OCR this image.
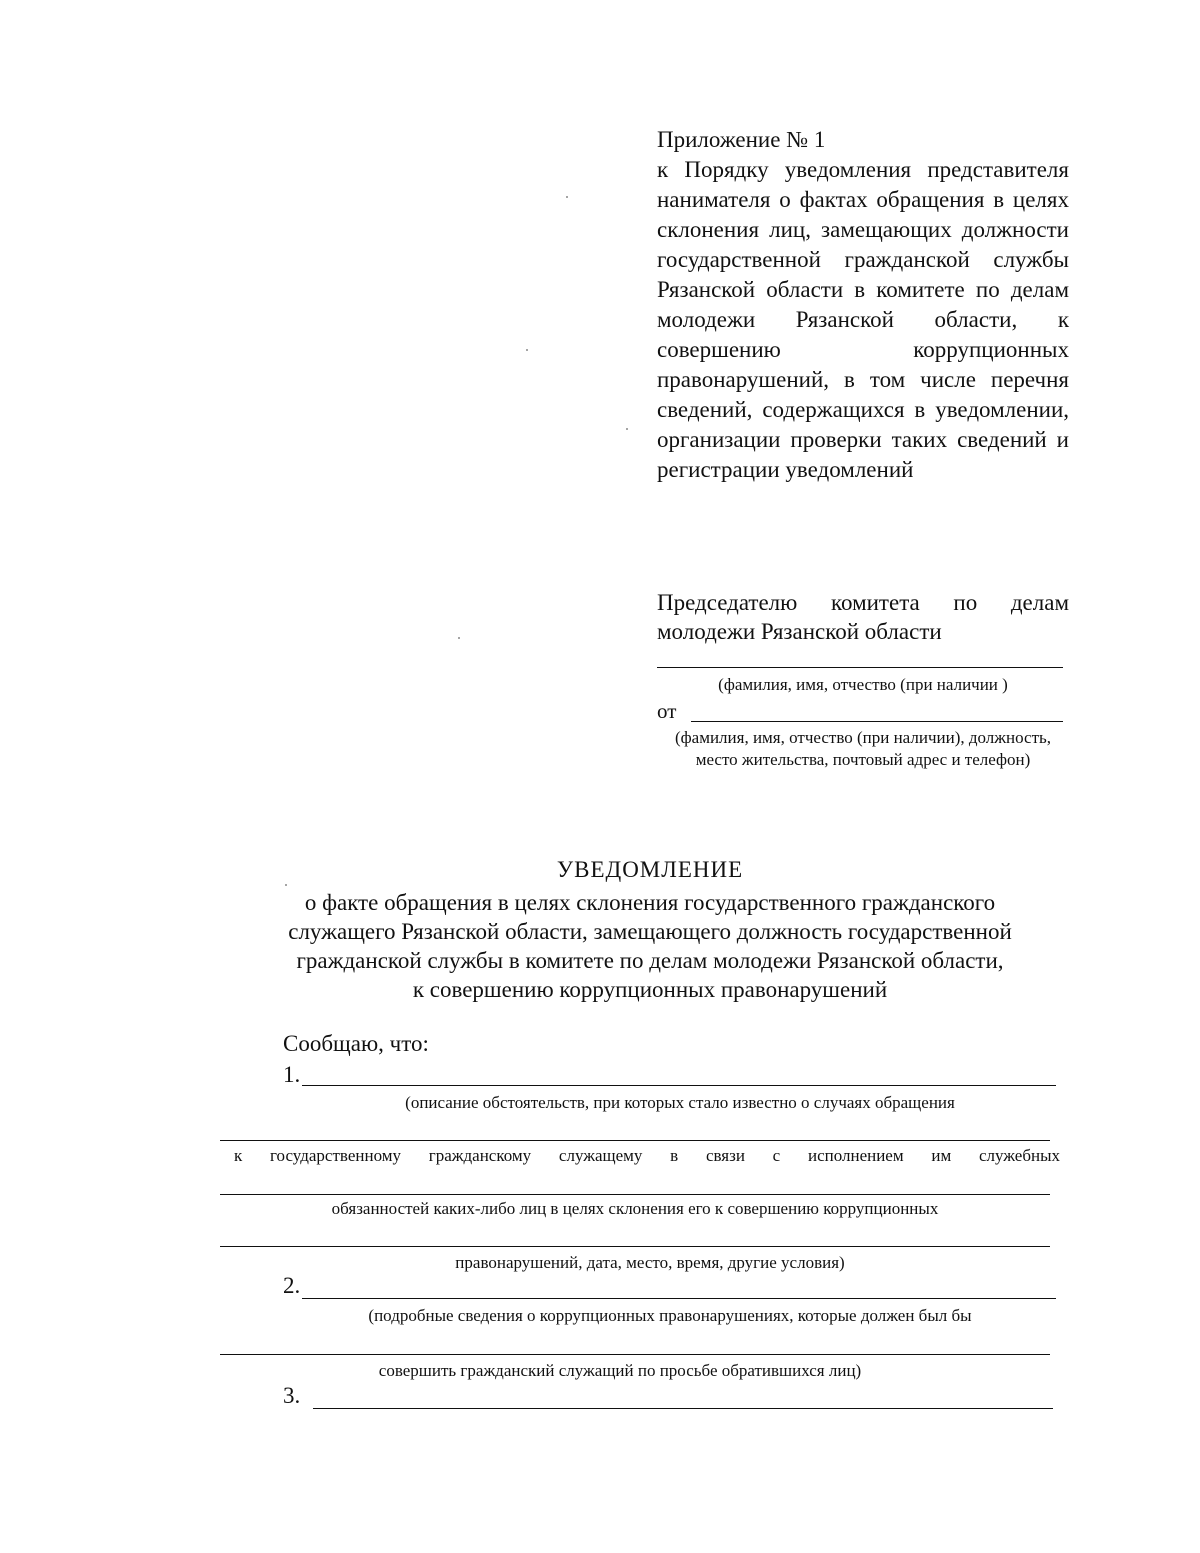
Приложение № 1
к Порядку уведомления представителя нанимателя о фактах обращения в целях склонения лиц, замещающих должности государственной гражданской службы Рязанской области в комитете по делам молодежи Рязанской области, к совершению коррупционных правонарушений, в том числе перечня сведений, содержащихся в уведомлении, организации проверки таких сведений и регистрации уведомлений
Председателю комитета по делам молодежи Рязанской области
(фамилия, имя, отчество (при наличии )
от
(фамилия, имя, отчество (при наличии), должность, место жительства, почтовый адрес и телефон)
УВЕДОМЛЕНИЕ
о факте обращения в целях склонения государственного гражданского
служащего Рязанской области, замещающего должность государственной
гражданской службы в комитете по делам молодежи Рязанской области,
к совершению коррупционных правонарушений
Сообщаю, что:
1.
(описание обстоятельств, при которых стало известно о случаях обращения
к государственному гражданскому служащему в связи с исполнением им служебных
обязанностей каких-либо лиц в целях склонения его к совершению коррупционных
правонарушений, дата, место, время, другие условия)
2.
(подробные сведения о коррупционных правонарушениях, которые должен был бы
совершить гражданский служащий по просьбе обратившихся лиц)
3.
